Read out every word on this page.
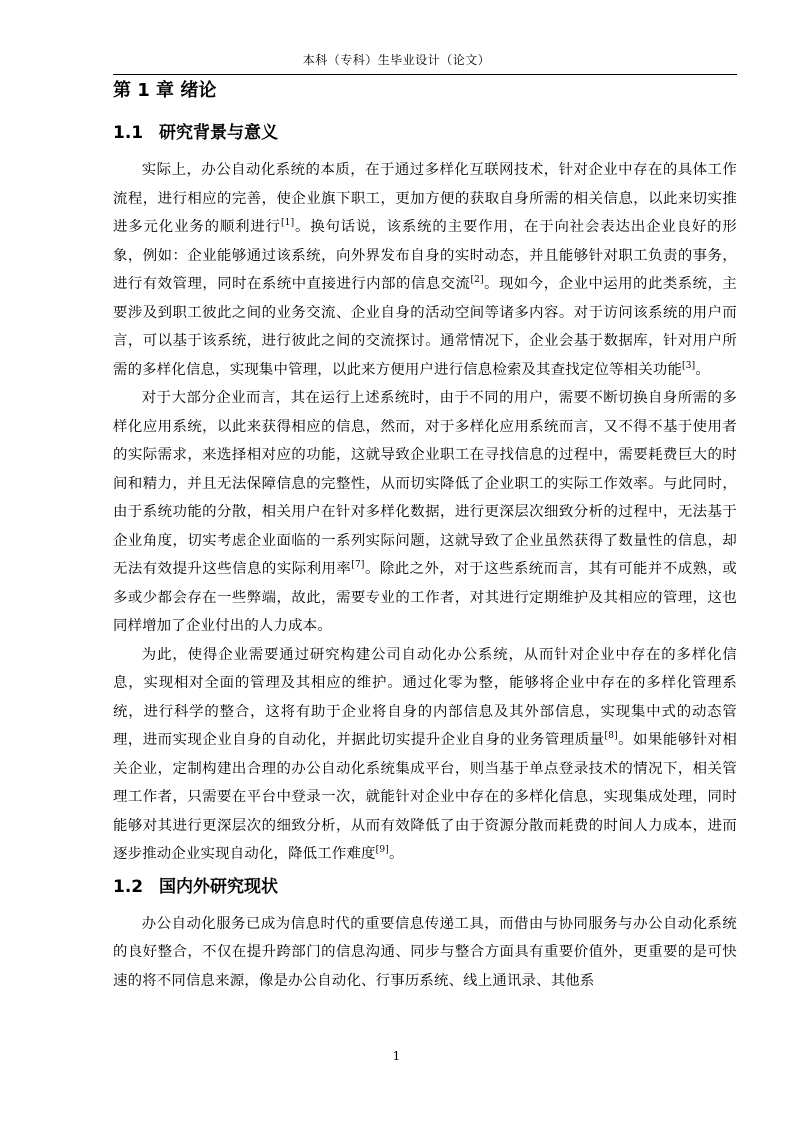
本科（专科）生毕业设计（论文）
第 1 章 绪论
1.1 研究背景与意义

实际上，办公自动化系统的本质，在于通过多样化互联网技术，针对企业中存在的具体工作流程，进行相应的完善，使企业旗下职工，更加方便的获取自身所需的相关信息，以此来切实推进多元化业务的顺利进行[1]。换句话说，该系统的主要作用，在于向社会表达出企业良好的形象，例如：企业能够通过该系统，向外界发布自身的实时动态，并且能够针对职工负责的事务，进行有效管理，同时在系统中直接进行内部的信息交流[2]。现如今，企业中运用的此类系统，主要涉及到职工彼此之间的业务交流、企业自身的活动空间等诸多内容。对于访问该系统的用户而言，可以基于该系统，进行彼此之间的交流探讨。通常情况下，企业会基于数据库，针对用户所需的多样化信息，实现集中管理，以此来方便用户进行信息检索及其查找定位等相关功能[3]。

对于大部分企业而言，其在运行上述系统时，由于不同的用户，需要不断切换自身所需的多样化应用系统，以此来获得相应的信息，然而，对于多样化应用系统而言，又不得不基于使用者的实际需求，来选择相对应的功能，这就导致企业职工在寻找信息的过程中，需要耗费巨大的时间和精力，并且无法保障信息的完整性，从而切实降低了企业职工的实际工作效率。与此同时，由于系统功能的分散，相关用户在针对多样化数据，进行更深层次细致分析的过程中，无法基于企业角度，切实考虑企业面临的一系列实际问题，这就导致了企业虽然获得了数量性的信息，却无法有效提升这些信息的实际利用率[7]。除此之外，对于这些系统而言，其有可能并不成熟，或多或少都会存在一些弊端，故此，需要专业的工作者，对其进行定期维护及其相应的管理，这也同样增加了企业付出的人力成本。

为此，使得企业需要通过研究构建公司自动化办公系统，从而针对企业中存在的多样化信息，实现相对全面的管理及其相应的维护。通过化零为整，能够将企业中存在的多样化管理系统，进行科学的整合，这将有助于企业将自身的内部信息及其外部信息，实现集中式的动态管理，进而实现企业自身的自动化，并据此切实提升企业自身的业务管理质量[8]。如果能够针对相关企业，定制构建出合理的办公自动化系统集成平台，则当基于单点登录技术的情况下，相关管理工作者，只需要在平台中登录一次，就能针对企业中存在的多样化信息，实现集成处理，同时能够对其进行更深层次的细致分析，从而有效降低了由于资源分散而耗费的时间人力成本，进而逐步推动企业实现自动化，降低工作难度[9]。

1.2 国内外研究现状

办公自动化服务已成为信息时代的重要信息传递工具，而借由与协同服务与办公自动化系统的良好整合，不仅在提升跨部门的信息沟通、同步与整合方面具有重要价值外，更重要的是可快速的将不同信息来源，像是办公自动化、行事历系统、线上通讯录、其他系

1
